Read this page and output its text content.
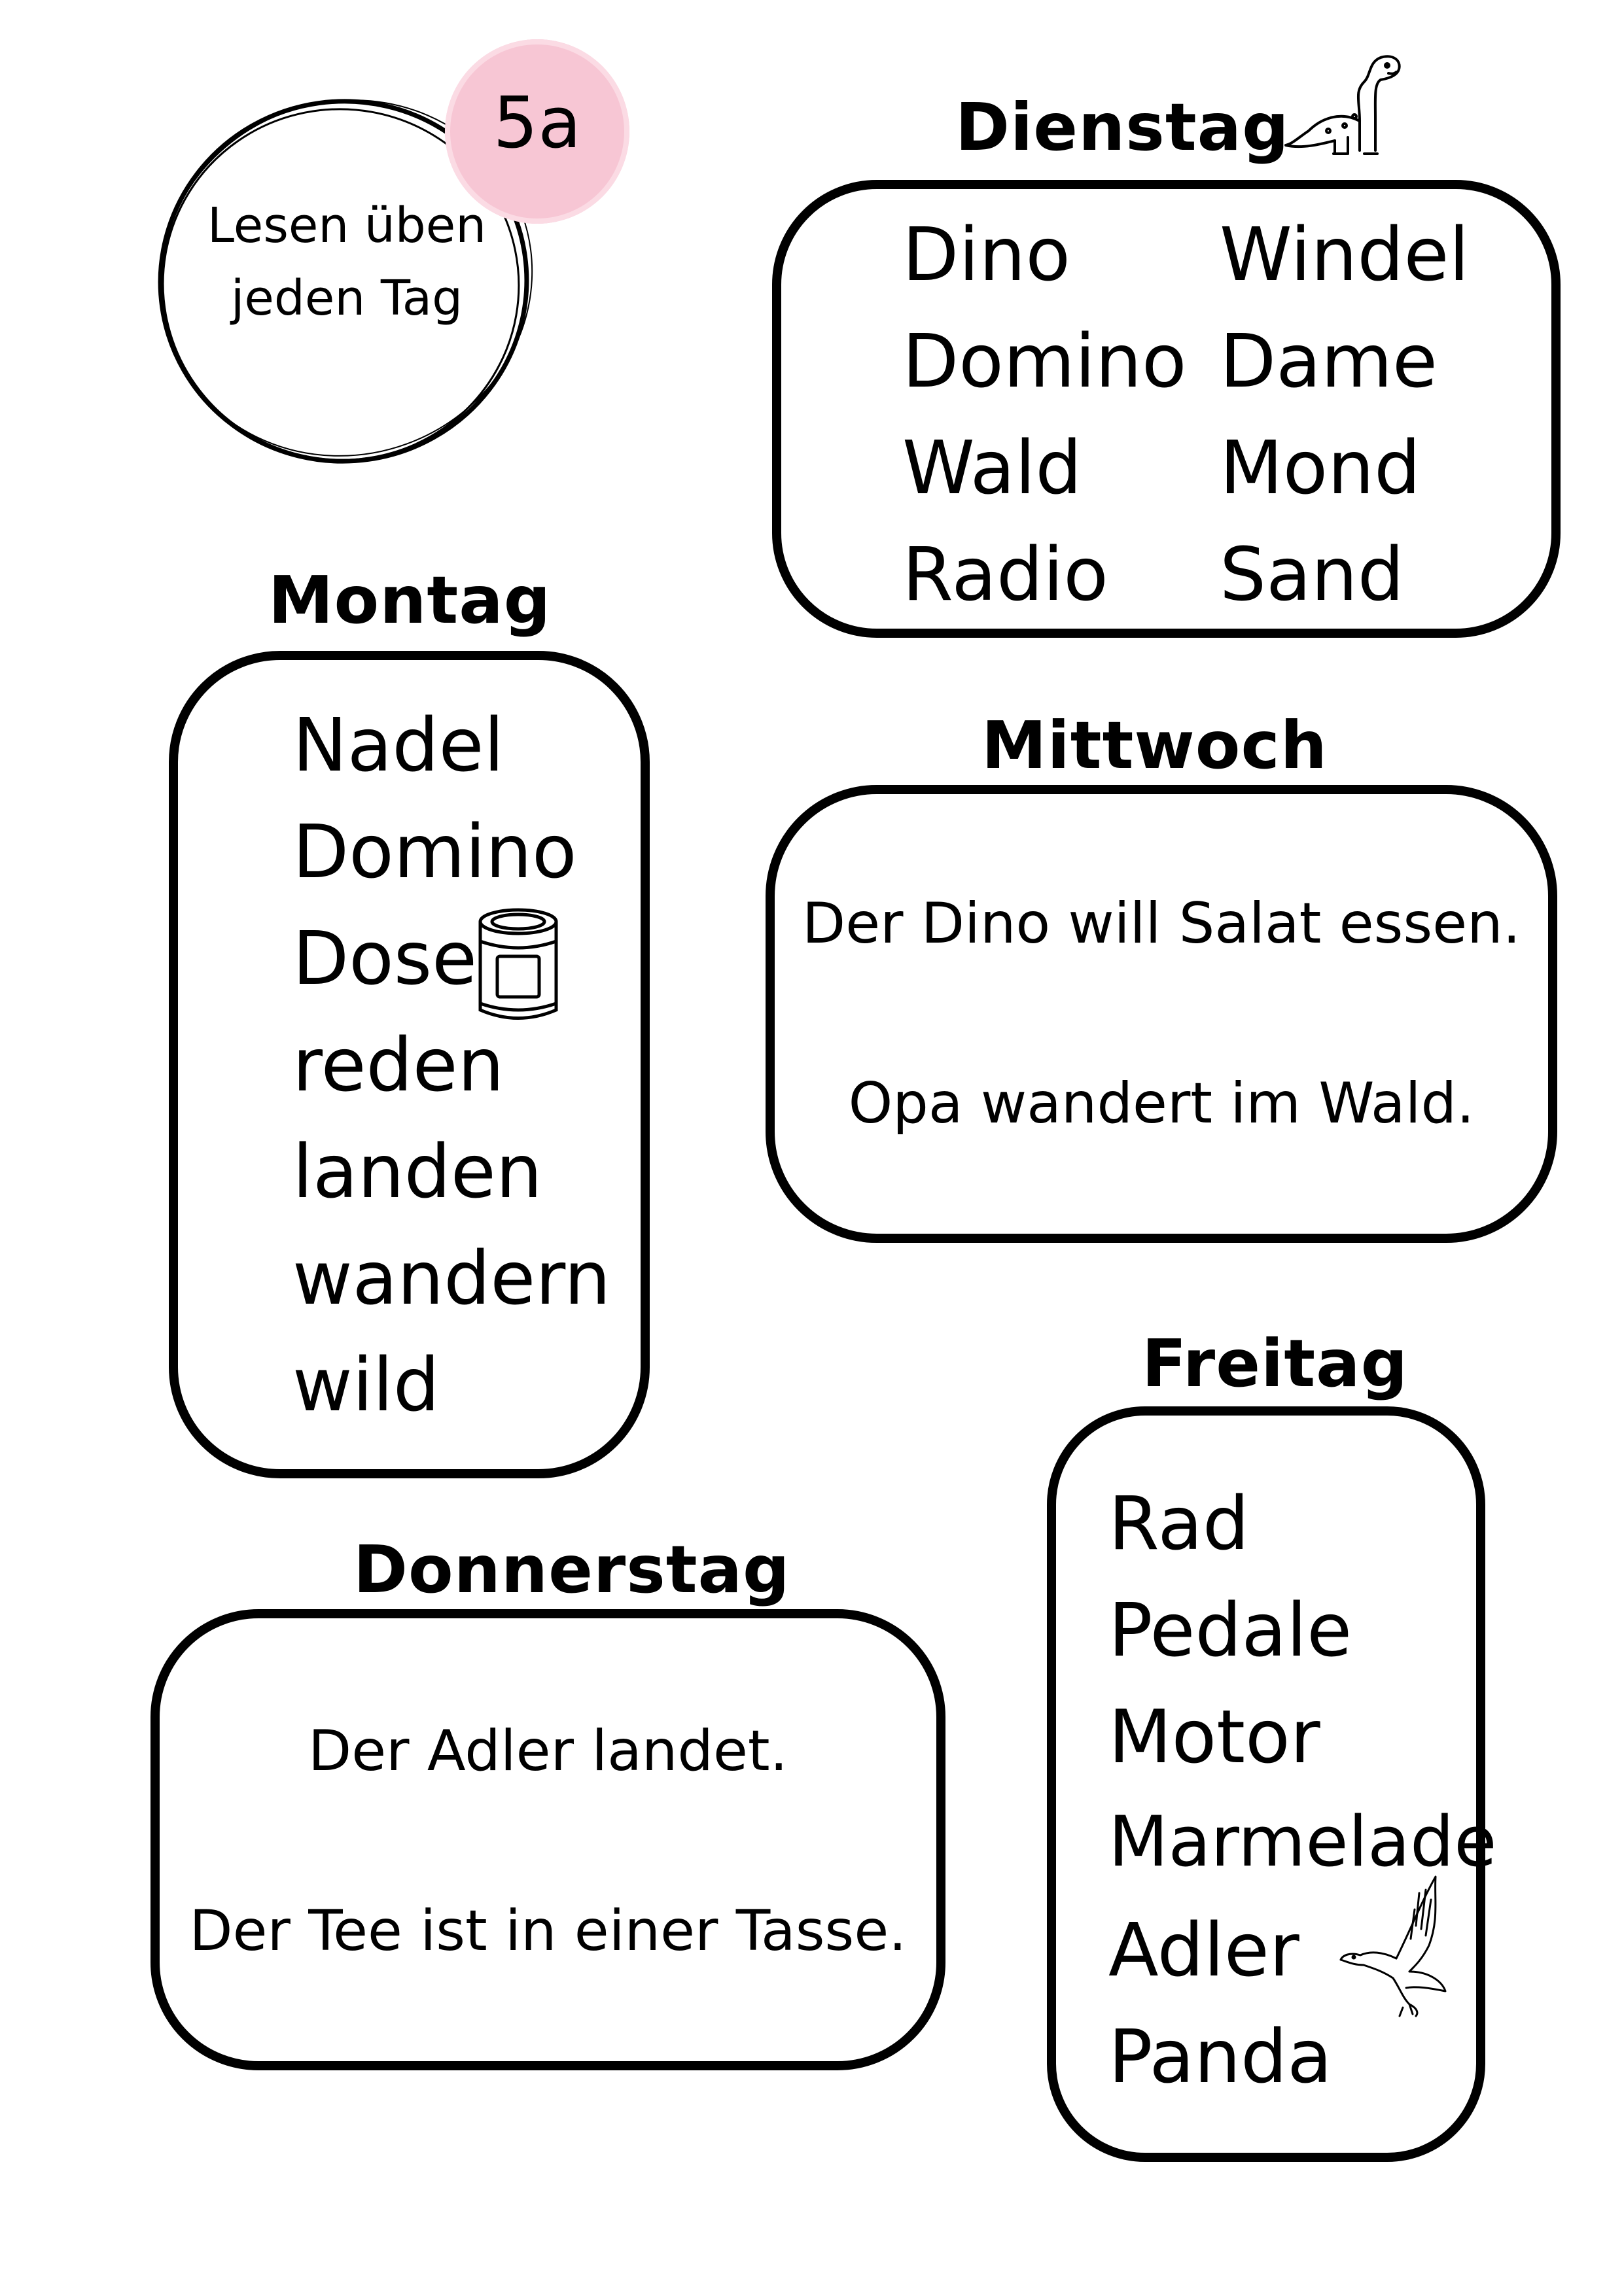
Lesen üben
jeden Tag
5a	Dienstag
Dino
Domino
Wald
Radio
Windel
Dame
Mond
Sand
Montag
Nadel
Domino
Dose
reden
landen
wandern
wild
Mittwoch
Der Dino will Salat essen.
Opa wandert im Wald.
Freitag
Rad
Pedale
Motor
Marmelade
Adler
Panda
Donnerstag
Der Adler landet.
Der Tee ist in einer Tasse.
